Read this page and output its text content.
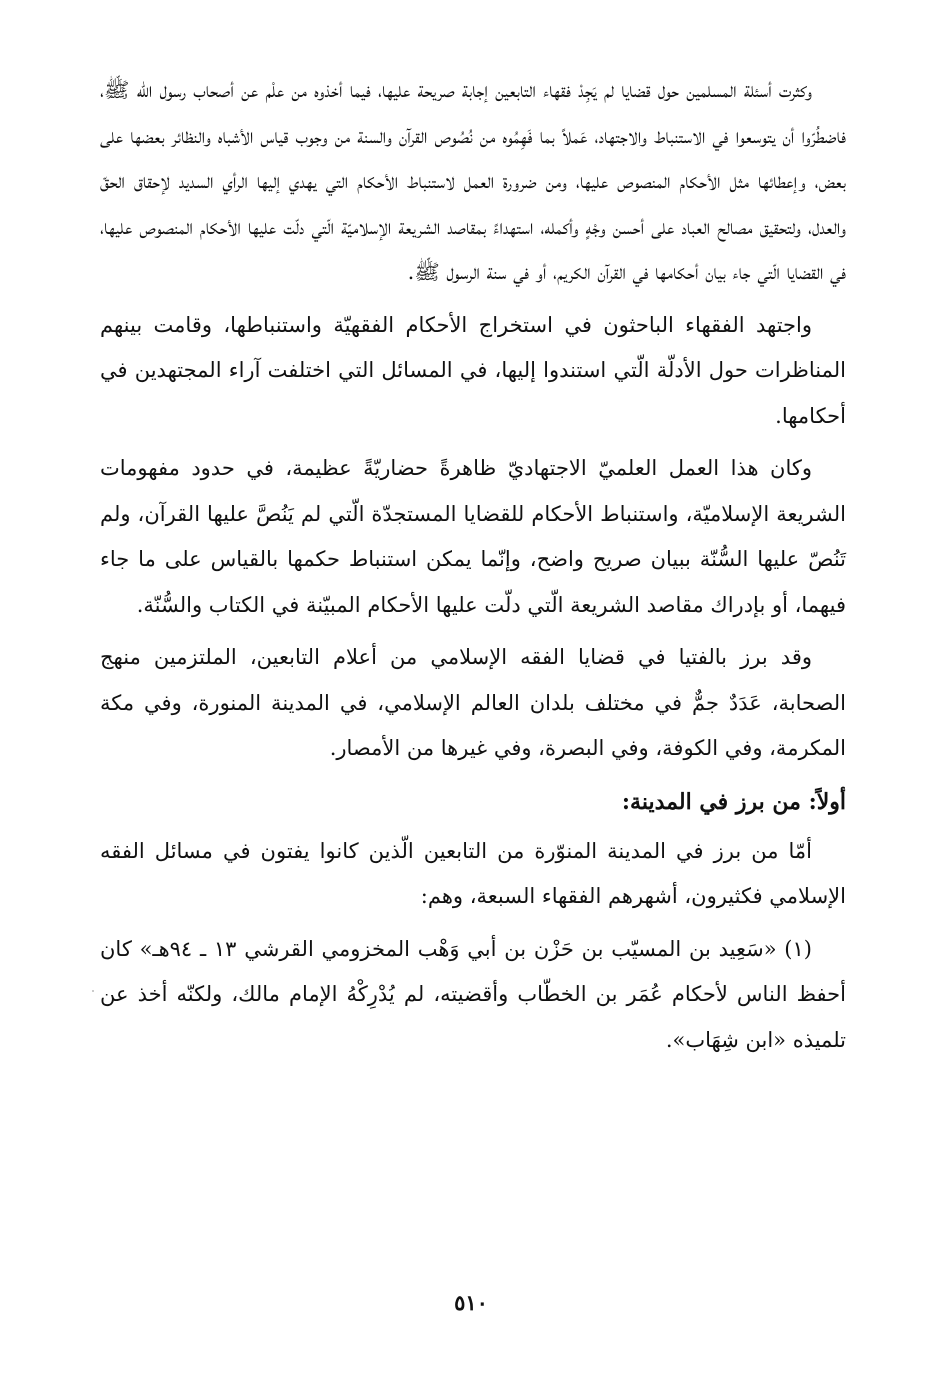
وكثرت أسئلة المسلمين حول قضايا لم يَجِدْ فقهاء التابعين إجابة صريحة عليها، فيما أخذوه من علْم عن أصحاب رسول الله ﷺ، فاضطُرّوا أن يتوسعوا في الاستنباط والاجتهاد، عَملاً بما فَهِمُوه من نُصُوص القرآن والسنة من وجوب قياس الأشباه والنظائر بعضها على بعض، وإعطائها مثل الأحكام المنصوص عليها، ومن ضرورة العمل لاستنباط الأحكام التي يهدي إليها الرأي السديد لإحقاق الحقّ والعدل، ولتحقيق مصالح العباد على أحسن وجْهٍ وأكمله، استهداءً بمقاصد الشريعة الإسلاميّة الّتي دلّت عليها الأحكام المنصوص عليها، في القضايا الّتي جاء بيان أحكامها في القرآن الكريم، أو في سنة الرسول ﷺ.

واجتهد الفقهاء الباحثون في استخراج الأحكام الفقهيّة واستنباطها، وقامت بينهم المناظرات حول الأدلّة الّتي استندوا إليها، في المسائل التي اختلفت آراء المجتهدين في أحكامها.

وكان هذا العمل العلميّ الاجتهاديّ ظاهرةً حضاريّةً عظيمة، في حدود مفهومات الشريعة الإسلاميّة، واستنباط الأحكام للقضايا المستجدّة الّتي لم يَنُصَّ عليها القرآن، ولم تَنُصّ عليها السُّنّة ببيان صريح واضح، وإنّما يمكن استنباط حكمها بالقياس على ما جاء فيهما، أو بإدراك مقاصد الشريعة الّتي دلّت عليها الأحكام المبيّنة في الكتاب والسُّنّة.

وقد برز بالفتيا في قضايا الفقه الإسلامي من أعلام التابعين، الملتزمين منهج الصحابة، عَدَدٌ جمٌّ في مختلف بلدان العالم الإسلامي، في المدينة المنورة، وفي مكة المكرمة، وفي الكوفة، وفي البصرة، وفي غيرها من الأمصار.

أولاً: من برز في المدينة:

أمّا من برز في المدينة المنوّرة من التابعين الّذين كانوا يفتون في مسائل الفقه الإسلامي فكثيرون، أشهرهم الفقهاء السبعة، وهم:

(١) «سَعِيد بن المسيّب بن حَزْن بن أبي وَهْب المخزومي القرشي ١٣ ـ ٩٤هـ» كان أحفظ الناس لأحكام عُمَر بن الخطّاب وأقضيته، لم يُدْرِكْهُ الإمام مالك، ولكنّه أخذ عن تلميذه «ابن شِهَاب».

٥١٠
